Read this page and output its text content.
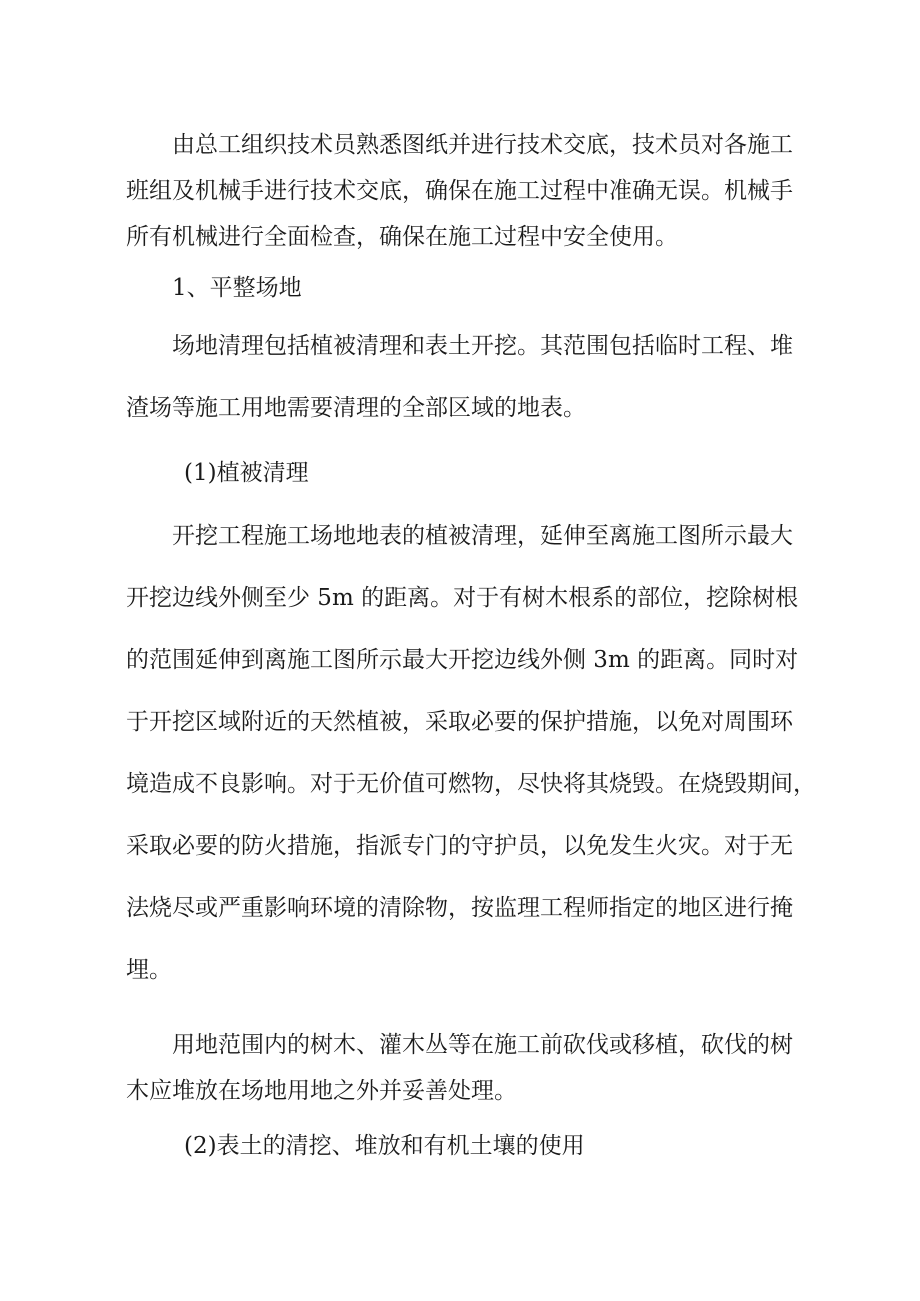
由总工组织技术员熟悉图纸并进行技术交底，技术员对各施工
班组及机械手进行技术交底，确保在施工过程中准确无误。机械手
所有机械进行全面检查，确保在施工过程中安全使用。

1、平整场地

场地清理包括植被清理和表土开挖。其范围包括临时工程、堆
渣场等施工用地需要清理的全部区域的地表。

(1)植被清理

开挖工程施工场地地表的植被清理，延伸至离施工图所示最大
开挖边线外侧至少 5m 的距离。对于有树木根系的部位，挖除树根
的范围延伸到离施工图所示最大开挖边线外侧 3m 的距离。同时对
于开挖区域附近的天然植被，采取必要的保护措施，以免对周围环
境造成不良影响。对于无价值可燃物，尽快将其烧毁。在烧毁期间，
采取必要的防火措施，指派专门的守护员，以免发生火灾。对于无
法烧尽或严重影响环境的清除物，按监理工程师指定的地区进行掩
埋。

用地范围内的树木、灌木丛等在施工前砍伐或移植，砍伐的树
木应堆放在场地用地之外并妥善处理。

(2)表土的清挖、堆放和有机土壤的使用
